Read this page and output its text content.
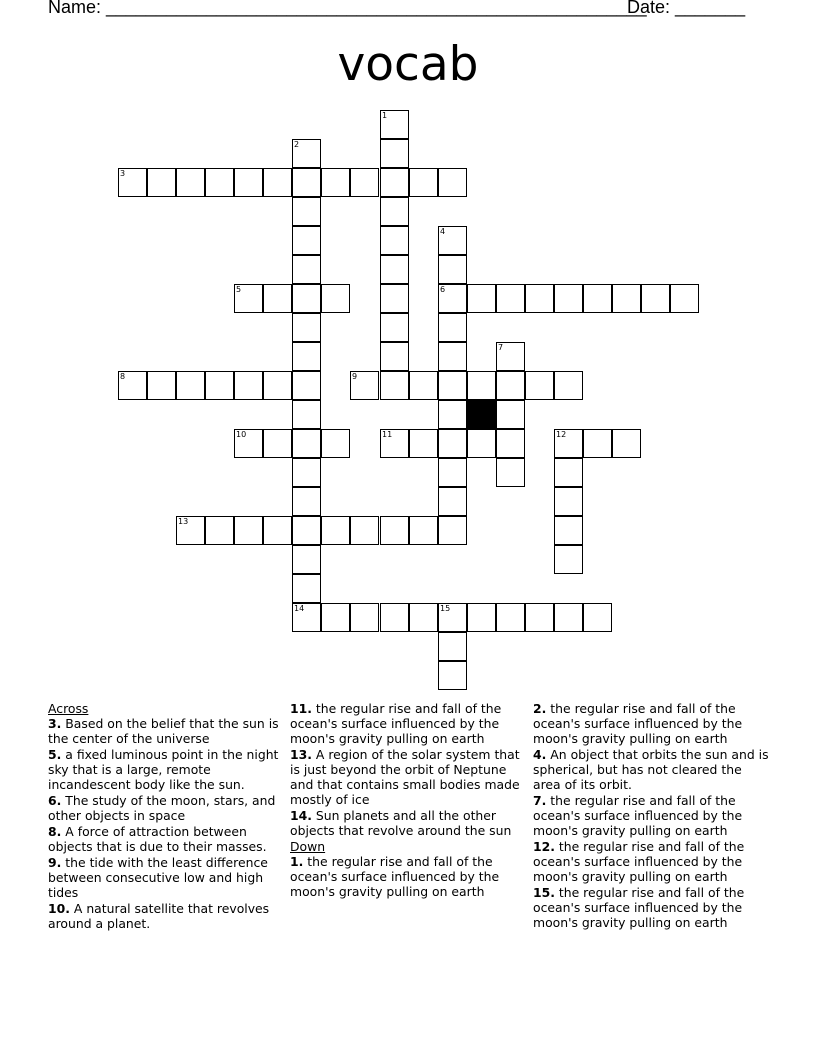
Name: ______________________________________________________
Date: _______
vocab
1
2
14
3
4
6
5
7
8	9
10	11	12
13
15
Across
3. Based on the belief that the sun is the center of the universe
5. a fixed luminous point in the night sky that is a large, remote incandescent body like the sun.
6. The study of the moon, stars, and other objects in space
8. A force of attraction between objects that is due to their masses.
9. the tide with the least difference between consecutive low and high tides
10. A natural satellite that revolves around a planet.
11. the regular rise and fall of the ocean's surface influenced by the moon's gravity pulling on earth
13. A region of the solar system that is just beyond the orbit of Neptune and that contains small bodies made mostly of ice
14. Sun planets and all the other objects that revolve around the sun
Down
1. the regular rise and fall of the ocean's surface influenced by the moon's gravity pulling on earth
2. the regular rise and fall of the ocean's surface influenced by the moon's gravity pulling on earth
4. An object that orbits the sun and is spherical, but has not cleared the area of its orbit.
7. the regular rise and fall of the ocean's surface influenced by the moon's gravity pulling on earth
12. the regular rise and fall of the ocean's surface influenced by the moon's gravity pulling on earth
15. the regular rise and fall of the ocean's surface influenced by the moon's gravity pulling on earth
